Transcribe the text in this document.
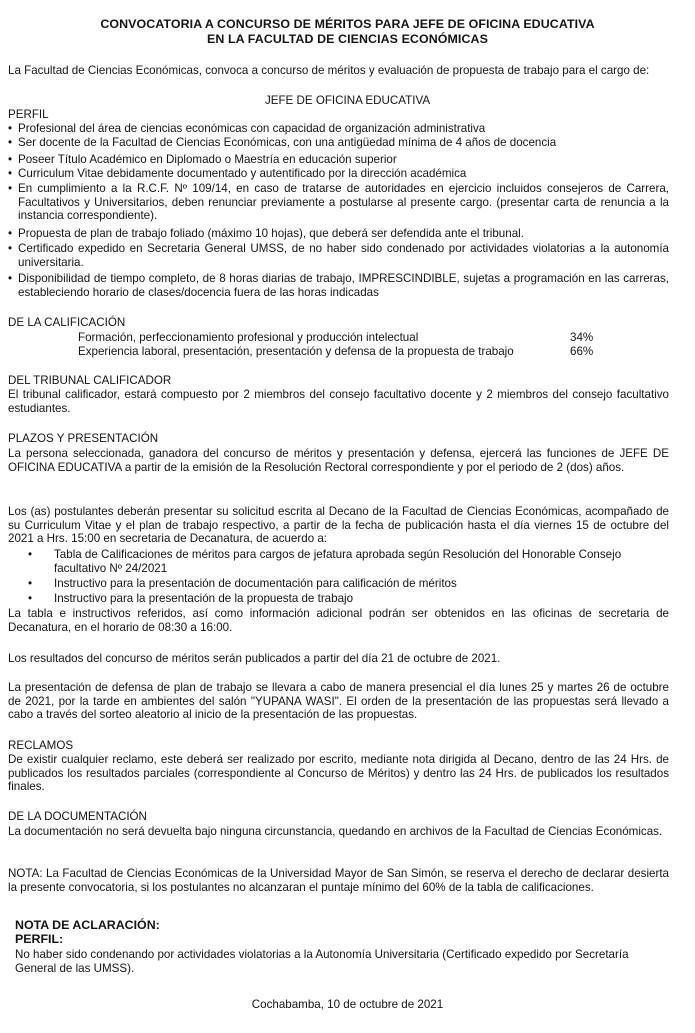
CONVOCATORIA A CONCURSO DE MÉRITOS PARA JEFE DE OFICINA EDUCATIVA
EN LA FACULTAD DE CIENCIAS ECONÓMICAS
La Facultad de Ciencias Económicas, convoca a concurso de méritos y evaluación de propuesta de trabajo para el cargo de:
JEFE DE OFICINA EDUCATIVA
PERFIL
• Profesional del área de ciencias económicas con capacidad de organización administrativa
• Ser docente de la Facultad de Ciencias Económicas, con una antigüedad mínima de 4 años de docencia
• Poseer Título Académico en Diplomado o Maestría en educación superior
• Curriculum Vitae debidamente documentado y autentificado por la dirección académica
• En cumplimiento a la R.C.F. Nº 109/14, en caso de tratarse de autoridades en ejercicio incluidos consejeros de Carrera, Facultativos y Universitarios, deben renunciar previamente a postularse al presente cargo. (presentar carta de renuncia a la instancia correspondiente).
• Propuesta de plan de trabajo foliado (máximo 10 hojas), que deberá ser defendida ante el tribunal.
• Certificado expedido en Secretaria General UMSS, de no haber sido condenado por actividades violatorias a la autonomía universitaria.
• Disponibilidad de tiempo completo, de 8 horas diarias de trabajo, IMPRESCINDIBLE, sujetas a programación en las carreras, estableciendo horario de clases/docencia fuera de las horas indicadas
DE LA CALIFICACIÓN
Formación, perfeccionamiento profesional y producción intelectual	34%
Experiencia laboral, presentación, presentación y defensa de la propuesta de trabajo	66%
DEL TRIBUNAL CALIFICADOR
El tribunal calificador, estará compuesto por 2 miembros del consejo facultativo docente y 2 miembros del consejo facultativo estudiantes.
PLAZOS Y PRESENTACIÓN
La persona seleccionada, ganadora del concurso de méritos y presentación y defensa, ejercerá las funciones de JEFE DE OFICINA EDUCATIVA a partir de la emisión de la Resolución Rectoral correspondiente y por el periodo de 2 (dos) años.
Los (as) postulantes deberán presentar su solicitud escrita al Decano de la Facultad de Ciencias Económicas, acompañado de su Curriculum Vitae y el plan de trabajo respectivo, a partir de la fecha de publicación hasta el día viernes 15 de octubre del 2021 a Hrs. 15:00 en secretaria de Decanatura, de acuerdo a:
•	Tabla de Calificaciones de méritos para cargos de jefatura aprobada según Resolución del Honorable Consejo facultativo Nº 24/2021
•	Instructivo para la presentación de documentación para calificación de méritos
•	Instructivo para la presentación de la propuesta de trabajo
La tabla e instructivos referidos, así como información adicional podrán ser obtenidos en las oficinas de secretaria de Decanatura, en el horario de 08:30 a 16:00.
Los resultados del concurso de méritos serán publicados a partir del día 21 de octubre de 2021.
La presentación de defensa de plan de trabajo se llevara a cabo de manera presencial el día lunes 25 y martes 26 de octubre de 2021, por la tarde en ambientes del salón "YUPANA WASI". El orden de la presentación de las propuestas será llevado a cabo a través del sorteo aleatorio al inicio de la presentación de las propuestas.
RECLAMOS
De existir cualquier reclamo, este deberá ser realizado por escrito, mediante nota dirigida al Decano, dentro de las 24 Hrs. de publicados los resultados parciales (correspondiente al Concurso de Méritos) y dentro las 24 Hrs. de publicados los resultados finales.
DE LA DOCUMENTACIÓN
La documentación no será devuelta bajo ninguna circunstancia, quedando en archivos de la Facultad de Ciencias Económicas.
NOTA: La Facultad de Ciencias Económicas de la Universidad Mayor de San Simón, se reserva el derecho de declarar desierta la presente convocatoria, si los postulantes no alcanzaran el puntaje mínimo del 60% de la tabla de calificaciones.
NOTA DE ACLARACIÓN:
PERFIL:
No haber sido condenando por actividades violatorias a la Autonomía Universitaria (Certificado expedido por Secretaría General de las UMSS).
Cochabamba, 10 de octubre de 2021
